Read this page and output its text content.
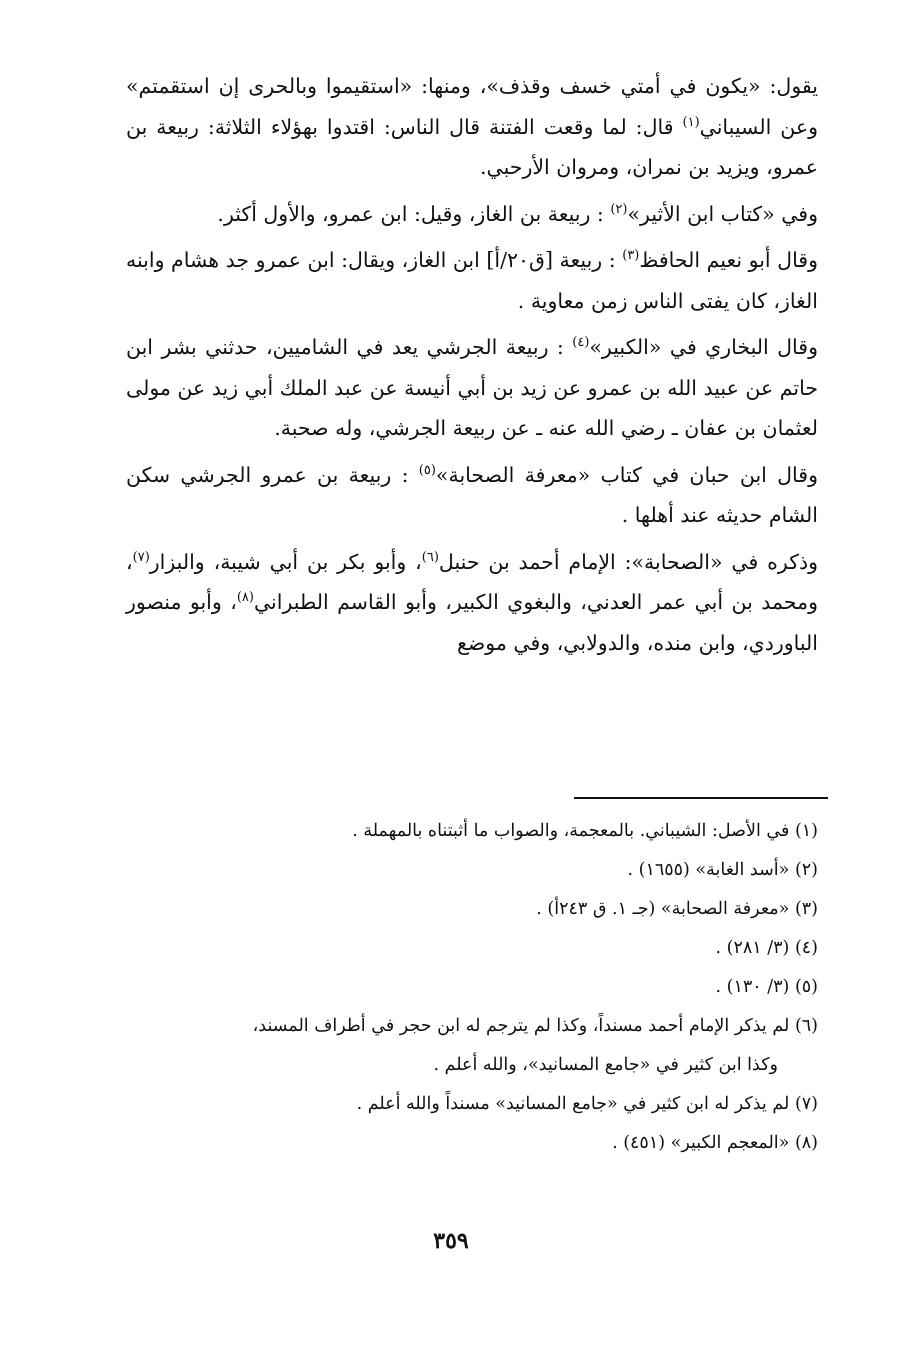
يقول: «يكون في أمتي خسف وقذف»، ومنها: «استقيموا وبالحرى إن استقمتم» وعن السيباني$^{(١)}$ قال: لما وقعت الفتنة قال الناس: اقتدوا بهؤلاء الثلاثة: ربيعة بن عمرو، ويزيد بن نمران، ومروان الأرحبي.

وفي «كتاب ابن الأثير»$^{(٢)}$ : ربيعة بن الغاز، وقيل: ابن عمرو، والأول أكثر.

وقال أبو نعيم الحافظ$^{(٣)}$ : ربيعة [ق٢٠/أ] ابن الغاز، ويقال: ابن عمرو جد هشام وابنه الغاز، كان يفتى الناس زمن معاوية .

وقال البخاري في «الكبير»$^{(٤)}$ : ربيعة الجرشي يعد في الشاميين، حدثني بشر ابن حاتم عن عبيد الله بن عمرو عن زيد بن أبي أنيسة عن عبد الملك أبي زيد عن مولى لعثمان بن عفان ـ رضي الله عنه ـ عن ربيعة الجرشي، وله صحبة.

وقال ابن حبان في كتاب «معرفة الصحابة»$^{(٥)}$ : ربيعة بن عمرو الجرشي سكن الشام حديثه عند أهلها .

وذكره في «الصحابة»: الإمام أحمد بن حنبل$^{(٦)}$، وأبو بكر بن أبي شيبة، والبزار$^{(٧)}$، ومحمد بن أبي عمر العدني، والبغوي الكبير، وأبو القاسم الطبراني$^{(٨)}$، وأبو منصور الباوردي، وابن منده، والدولابي، وفي موضع

(١) في الأصل: الشيباني. بالمعجمة، والصواب ما أثبتناه بالمهملة .

(٢) «أسد الغابة» (١٦٥٥) .

(٣) «معرفة الصحابة» (جـ ١. ق ٢٤٣أ) .

(٤) (٣/ ٢٨١) .

(٥) (٣/ ١٣٠) .

(٦) لم يذكر الإمام أحمد مسنداً، وكذا لم يترجم له ابن حجر في أطراف المسند،
وكذا ابن كثير في «جامع المسانيد»، والله أعلم .

(٧) لم يذكر له ابن كثير في «جامع المسانيد» مسنداً والله أعلم .

(٨) «المعجم الكبير» (٤٥١) .

٣٥٩
